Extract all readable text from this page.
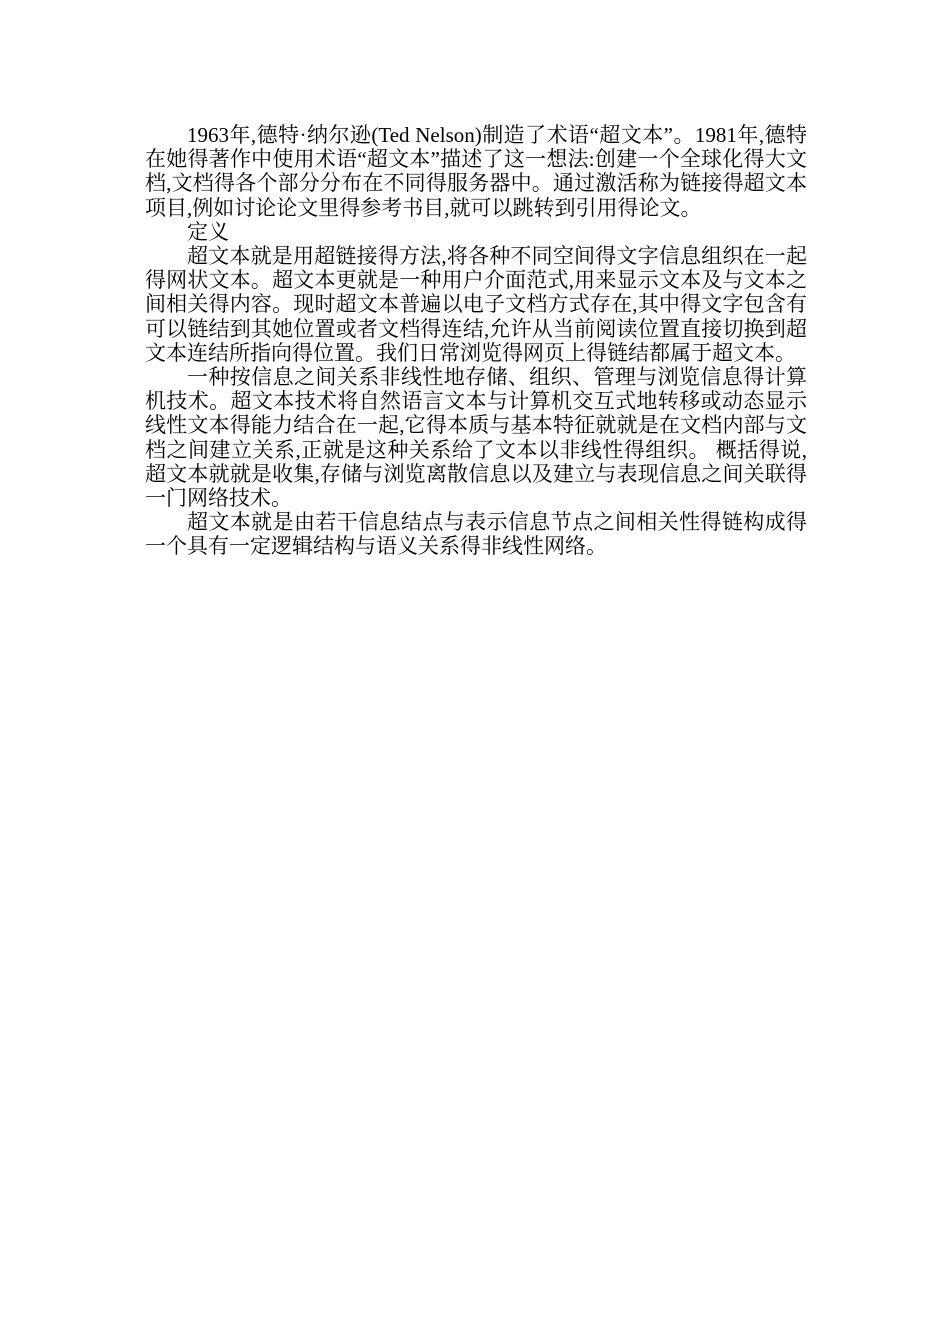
1963年,德特·纳尔逊(Ted Nelson)制造了术语“超文本”。1981年,德特在她得著作中使用术语“超文本”描述了这一想法:创建一个全球化得大文档,文档得各个部分分布在不同得服务器中。通过激活称为链接得超文本项目,例如讨论论文里得参考书目,就可以跳转到引用得论文。

定义

超文本就是用超链接得方法,将各种不同空间得文字信息组织在一起得网状文本。超文本更就是一种用户介面范式,用来显示文本及与文本之间相关得内容。现时超文本普遍以电子文档方式存在,其中得文字包含有可以链结到其她位置或者文档得连结,允许从当前阅读位置直接切换到超文本连结所指向得位置。我们日常浏览得网页上得链结都属于超文本。

一种按信息之间关系非线性地存储、组织、管理与浏览信息得计算机技术。超文本技术将自然语言文本与计算机交互式地转移或动态显示线性文本得能力结合在一起,它得本质与基本特征就就是在文档内部与文档之间建立关系,正就是这种关系给了文本以非线性得组织。 概括得说,超文本就就是收集,存储与浏览离散信息以及建立与表现信息之间关联得一门网络技术。

超文本就是由若干信息结点与表示信息节点之间相关性得链构成得一个具有一定逻辑结构与语义关系得非线性网络。
